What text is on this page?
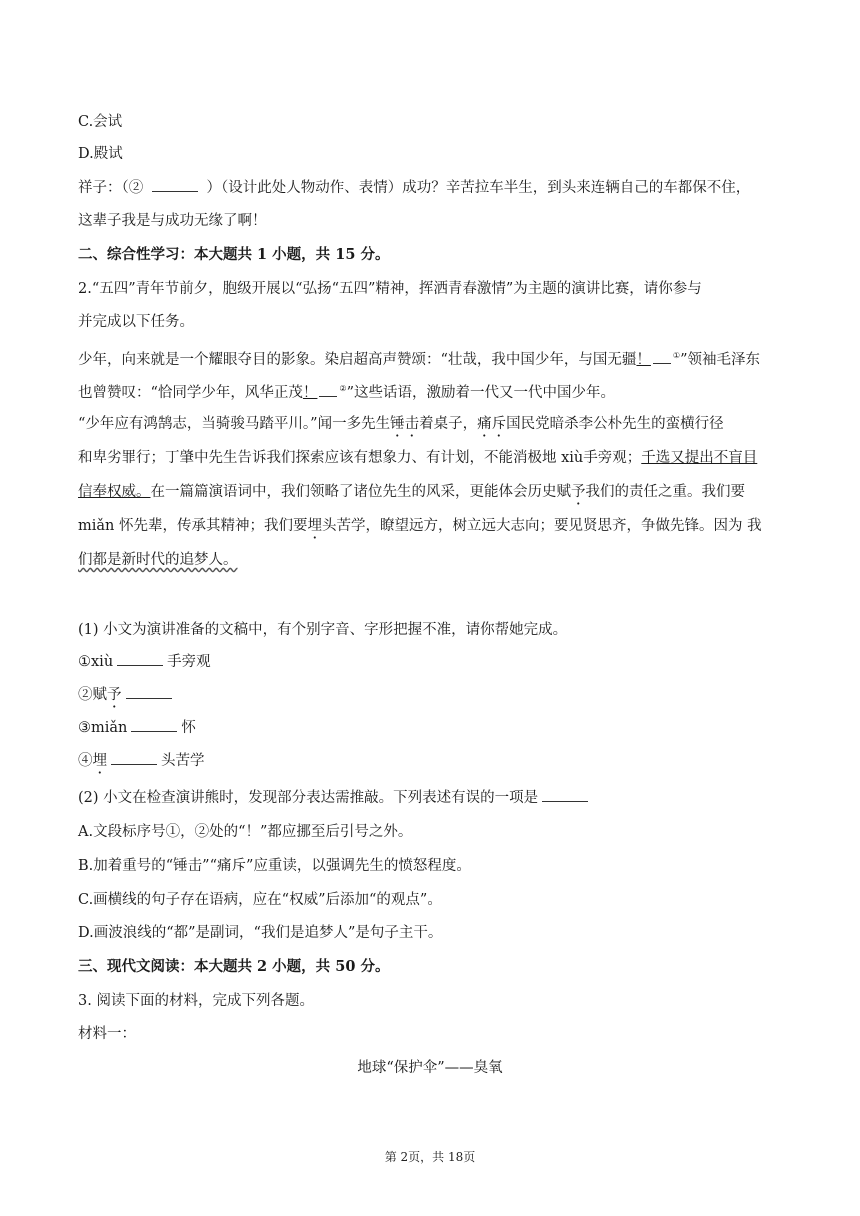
C.会试
D.殿试
祥子：（②	）（设计此处人物动作、表情）成功？辛苦拉车半生，到头来连辆自己的车都保不住，
这辈子我是与成功无缘了啊！
二、综合性学习：本大题共 1 小题，共 15 分。
2.“五四”青年节前夕，胞级开展以“弘扬“五四”精神，挥洒青春激情”为主题的演讲比赛，请你参与
并完成以下任务。
少年，向来就是一个耀眼夺目的影象。染启超高声赞颂：“壮哉，我中国少年，与国无疆！	①”领袖毛泽东
也曾赞叹：“恰同学少年，风华正茂！	②”这些话语，激励着一代又一代中国少年。
“少年应有鸿鹄志，当骑骏马踏平川。”闻一多先生锤击着桌子，痛斥国民党暗杀李公朴先生的蛮横行径
和卑劣罪行；丁肇中先生告诉我们探索应该有想象力、有计划，不能消极地 xiù手旁观；千选又提出不盲目
信奉权威。在一篇篇演语词中，我们领略了诸位先生的风采，更能体会历史赋予我们的责任之重。我们要
miǎn 怀先辈，传承其精神；我们要埋头苦学，瞭望远方，树立远大志向；要见贤思齐，争做先锋。因为 我
们都是新时代的追梦人。
(1) 小文为演讲准备的文稿中，有个别字音、字形把握不准，请你帮她完成。
①xiù	手旁观
②赋予
③miǎn	怀
④埋	头苦学
(2) 小文在检查演讲熊时，发现部分表达需推敲。下列表述有误的一项是
A.文段标序号①，②处的“！”都应挪至后引号之外。
B.加着重号的“锤击”“痛斥”应重读，以强调先生的愤怒程度。
C.画横线的句子存在语病，应在“权威”后添加“的观点”。
D.画波浪线的“都”是副词，“我们是追梦人”是句子主干。
三、现代文阅读：本大题共 2 小题，共 50 分。
3. 阅读下面的材料，完成下列各题。
材料一：
地球“保护伞”——臭氧
第 2页，共 18页
